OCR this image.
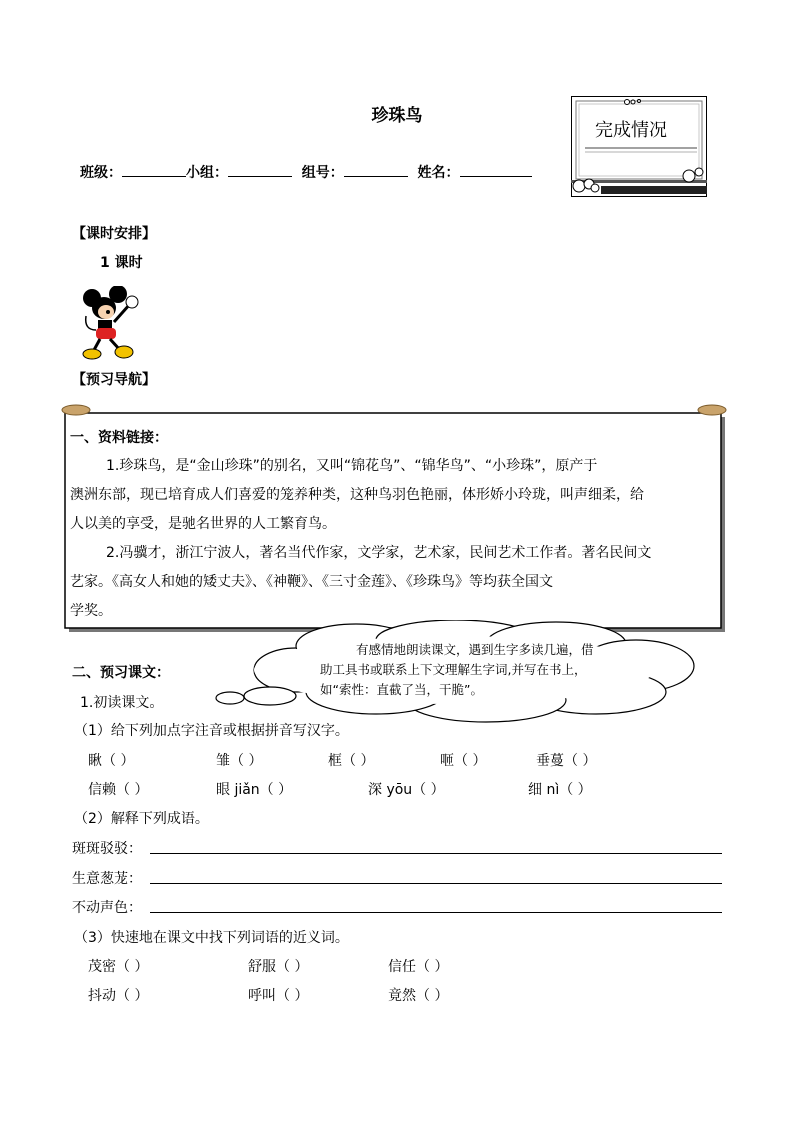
珍珠鸟
完成情况
班级：	小组：	组号：	姓名：
【课时安排】
1 课时
【预习导航】
一、资料链接：
1.珍珠鸟，是“金山珍珠”的别名，又叫“锦花鸟”、“锦华鸟”、“小珍珠”，原产于
澳洲东部，现已培育成人们喜爱的笼养种类，这种鸟羽色艳丽，体形娇小玲珑，叫声细柔，给
人以美的享受，是驰名世界的人工繁育鸟。
2.冯骥才，浙江宁波人，著名当代作家，文学家，艺术家，民间艺术工作者。著名民间文
艺家。《高女人和她的矮丈夫》、《神鞭》、《三寸金莲》、《珍珠鸟》等均获全国文
学奖。
有感情地朗读课文，遇到生字多读几遍，借
助工具书或联系上下文理解生字词,并写在书上，
如“索性：直截了当，干脆”。
二、预习课文：
1.初读课文。
（1）给下列加点字注音或根据拼音写汉字。
瞅（ ）	雏（ ）	框（ ）	咂（ ）	垂蔓（ ）
信赖（ ）	眼 jiǎn（ ）	深 yōu（ ）	细 nì（ ）
（2）解释下列成语。
斑斑驳驳：
生意葱茏：
不动声色：
（3）快速地在课文中找下列词语的近义词。
茂密（ ）	舒服（ ）	信任（ ）
抖动（ ）	呼叫（ ）	竟然（ ）
